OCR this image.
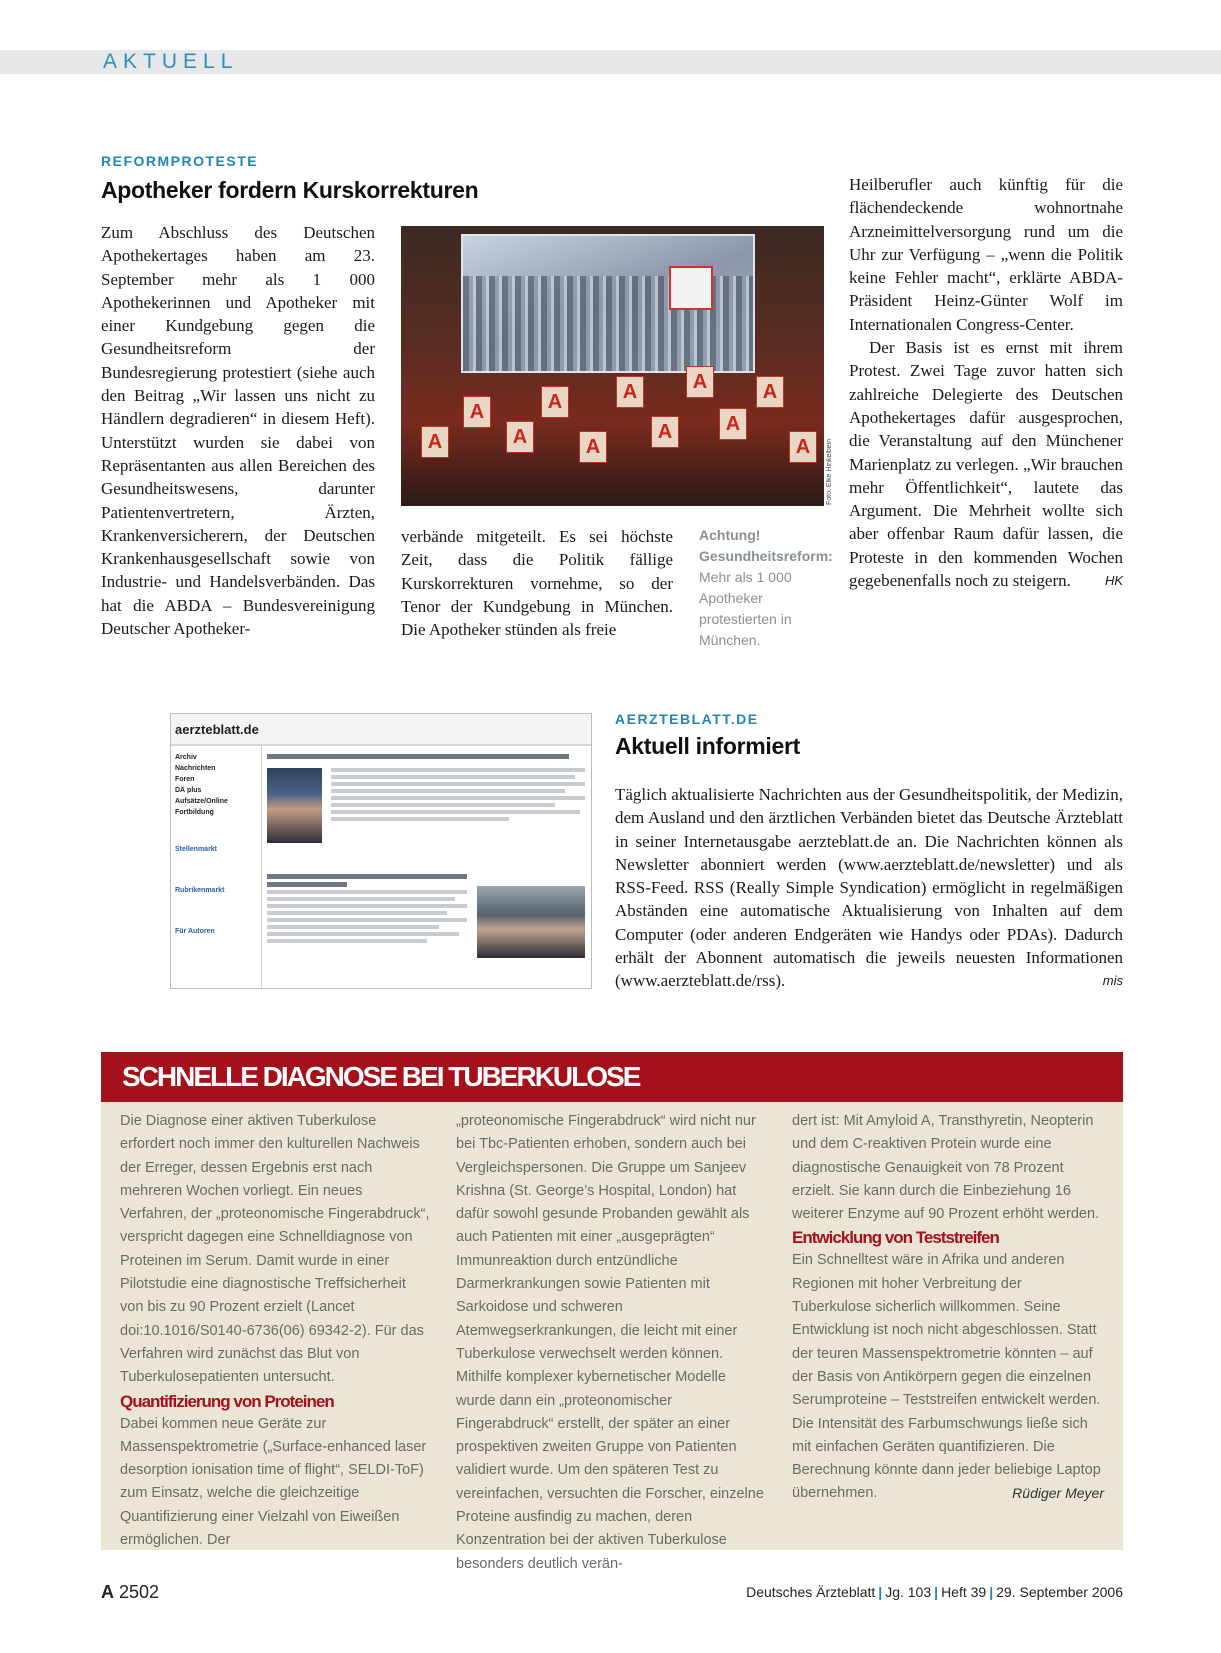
AKTUELL
REFORMPROTESTE
Apotheker fordern Kurskorrekturen

Zum Abschluss des Deutschen Apothekertages haben am 23. September mehr als 1 000 Apothekerinnen und Apotheker mit einer Kundgebung gegen die Gesundheitsreform der Bundesregierung protestiert (siehe auch den Beitrag „Wir lassen uns nicht zu Händlern degradieren“ in diesem Heft). Unterstützt wurden sie dabei von Repräsentanten aus allen Bereichen des Gesundheitswesens, darunter Patientenvertretern, Ärzten, Krankenversicherern, der Deutschen Krankenhausgesellschaft sowie von Industrie- und Handelsverbänden. Das hat die ABDA – Bundesvereinigung Deutscher Apotheker-

A
A
A
A
A
A
A
A
A
A
A	Foto: Elke Hinkelbein

verbände mitgeteilt. Es sei höchste Zeit, dass die Politik fällige Kurskorrekturen vornehme, so der Tenor der Kundgebung in München. Die Apotheker stünden als freie

Achtung! Gesundheitsreform: Mehr als 1 000 Apotheker protestierten in München.

Heilberufler auch künftig für die flächendeckende wohnortnahe Arzneimittelversorgung rund um die Uhr zur Verfügung – „wenn die Politik keine Fehler macht“, erklärte ABDA-Präsident Heinz-Günter Wolf im Internationalen Congress-Center.

Der Basis ist es ernst mit ihrem Protest. Zwei Tage zuvor hatten sich zahlreiche Delegierte des Deutschen Apothekertages dafür ausgesprochen, die Veranstaltung auf den Münchener Marienplatz zu verlegen. „Wir brauchen mehr Öffentlichkeit“, lautete das Argument. Die Mehrheit wollte sich aber offenbar Raum dafür lassen, die Proteste in den kommenden Wochen gegebenenfalls noch zu steigern.	HK

aerzteblatt.de
Archiv
Nachrichten
Foren
DÄ plus
Aufsätze/Online
Fortbildung
Stellenmarkt
Rubrikenmarkt
Für Autoren
AERZTEBLATT.DE
Aktuell informiert

Täglich aktualisierte Nachrichten aus der Gesundheitspolitik, der Medizin, dem Ausland und den ärztlichen Verbänden bietet das Deutsche Ärzteblatt in seiner Internetausgabe aerzteblatt.de an. Die Nachrichten können als Newsletter abonniert werden (www.aerzteblatt.de/newsletter) und als RSS-Feed. RSS (Really Simple Syndication) ermöglicht in regelmäßigen Abständen eine automatische Aktualisierung von Inhalten auf dem Computer (oder anderen Endgeräten wie Handys oder PDAs). Dadurch erhält der Abonnent automatisch die jeweils neuesten Informationen (www.aerzteblatt.de/rss).	mis

SCHNELLE DIAGNOSE BEI TUBERKULOSE

Die Diagnose einer aktiven Tuberkulose erfordert noch immer den kulturellen Nachweis der Erreger, dessen Ergebnis erst nach mehreren Wochen vorliegt. Ein neues Verfahren, der „proteonomische Fingerabdruck“, verspricht dagegen eine Schnelldiagnose von Proteinen im Serum. Damit wurde in einer Pilotstudie eine diagnostische Treffsicherheit von bis zu 90 Prozent erzielt (Lancet doi:10.1016/S0140-6736(06) 69342-2). Für das Verfahren wird zunächst das Blut von Tuberkulosepatienten untersucht.

Quantifizierung von Proteinen

Dabei kommen neue Geräte zur Massenspektrometrie („Surface-enhanced laser desorption ionisation time of flight“, SELDI-ToF) zum Einsatz, welche die gleichzeitige Quantifizierung einer Vielzahl von Eiweißen ermöglichen. Der

„proteonomische Fingerabdruck“ wird nicht nur bei Tbc-Patienten erhoben, sondern auch bei Vergleichspersonen. Die Gruppe um Sanjeev Krishna (St. George’s Hospital, London) hat dafür sowohl gesunde Probanden gewählt als auch Patienten mit einer „ausgeprägten“ Immunreaktion durch entzündliche Darmerkrankungen sowie Patienten mit Sarkoidose und schweren Atemwegserkrankungen, die leicht mit einer Tuberkulose verwechselt werden können. Mithilfe komplexer kybernetischer Modelle wurde dann ein „proteonomischer Fingerabdruck“ erstellt, der später an einer prospektiven zweiten Gruppe von Patienten validiert wurde. Um den späteren Test zu vereinfachen, versuchten die Forscher, einzelne Proteine ausfindig zu machen, deren Konzentration bei der aktiven Tuberkulose besonders deutlich verän-

dert ist: Mit Amyloid A, Transthyretin, Neopterin und dem C-reaktiven Protein wurde eine diagnostische Genauigkeit von 78 Prozent erzielt. Sie kann durch die Einbeziehung 16 weiterer Enzyme auf 90 Prozent erhöht werden.

Entwicklung von Teststreifen

Ein Schnelltest wäre in Afrika und anderen Regionen mit hoher Verbreitung der Tuberkulose sicherlich willkommen. Seine Entwicklung ist noch nicht abgeschlossen. Statt der teuren Massenspektrometrie könnten – auf der Basis von Antikörpern gegen die einzelnen Serumproteine – Teststreifen entwickelt werden. Die Intensität des Farbumschwungs ließe sich mit einfachen Geräten quantifizieren. Die Berechnung könnte dann jeder beliebige Laptop übernehmen.	Rüdiger Meyer

A 2502	Deutsches Ärzteblatt | Jg. 103 | Heft 39 | 29. September 2006
